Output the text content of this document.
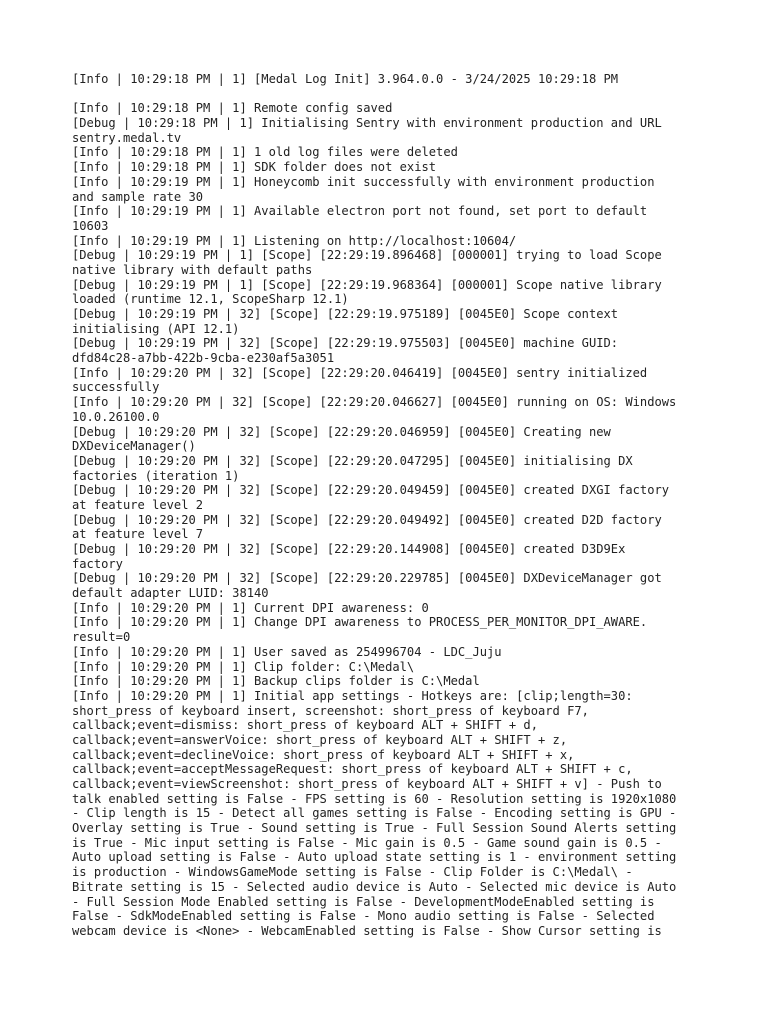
[Info | 10:29:18 PM | 1] [Medal Log Init] 3.964.0.0 - 3/24/2025 10:29:18 PM
[Info | 10:29:18 PM | 1] Remote config saved
[Debug | 10:29:18 PM | 1] Initialising Sentry with environment production and URL
sentry.medal.tv
[Info | 10:29:18 PM | 1] 1 old log files were deleted
[Info | 10:29:18 PM | 1] SDK folder does not exist
[Info | 10:29:19 PM | 1] Honeycomb init successfully with environment production
and sample rate 30
[Info | 10:29:19 PM | 1] Available electron port not found, set port to default
10603
[Info | 10:29:19 PM | 1] Listening on http://localhost:10604/
[Debug | 10:29:19 PM | 1] [Scope] [22:29:19.896468] [000001] trying to load Scope
native library with default paths
[Debug | 10:29:19 PM | 1] [Scope] [22:29:19.968364] [000001] Scope native library
loaded (runtime 12.1, ScopeSharp 12.1)
[Debug | 10:29:19 PM | 32] [Scope] [22:29:19.975189] [0045E0] Scope context
initialising (API 12.1)
[Debug | 10:29:19 PM | 32] [Scope] [22:29:19.975503] [0045E0] machine GUID:
dfd84c28-a7bb-422b-9cba-e230af5a3051
[Info | 10:29:20 PM | 32] [Scope] [22:29:20.046419] [0045E0] sentry initialized
successfully
[Info | 10:29:20 PM | 32] [Scope] [22:29:20.046627] [0045E0] running on OS: Windows
10.0.26100.0
[Debug | 10:29:20 PM | 32] [Scope] [22:29:20.046959] [0045E0] Creating new
DXDeviceManager()
[Debug | 10:29:20 PM | 32] [Scope] [22:29:20.047295] [0045E0] initialising DX
factories (iteration 1)
[Debug | 10:29:20 PM | 32] [Scope] [22:29:20.049459] [0045E0] created DXGI factory
at feature level 2
[Debug | 10:29:20 PM | 32] [Scope] [22:29:20.049492] [0045E0] created D2D factory
at feature level 7
[Debug | 10:29:20 PM | 32] [Scope] [22:29:20.144908] [0045E0] created D3D9Ex
factory
[Debug | 10:29:20 PM | 32] [Scope] [22:29:20.229785] [0045E0] DXDeviceManager got
default adapter LUID: 38140
[Info | 10:29:20 PM | 1] Current DPI awareness: 0
[Info | 10:29:20 PM | 1] Change DPI awareness to PROCESS_PER_MONITOR_DPI_AWARE.
result=0
[Info | 10:29:20 PM | 1] User saved as 254996704 - LDC_Juju
[Info | 10:29:20 PM | 1] Clip folder: C:\Medal\
[Info | 10:29:20 PM | 1] Backup clips folder is C:\Medal
[Info | 10:29:20 PM | 1] Initial app settings - Hotkeys are: [clip;length=30:
short_press of keyboard insert, screenshot: short_press of keyboard F7,
callback;event=dismiss: short_press of keyboard ALT + SHIFT + d,
callback;event=answerVoice: short_press of keyboard ALT + SHIFT + z,
callback;event=declineVoice: short_press of keyboard ALT + SHIFT + x,
callback;event=acceptMessageRequest: short_press of keyboard ALT + SHIFT + c,
callback;event=viewScreenshot: short_press of keyboard ALT + SHIFT + v] - Push to
talk enabled setting is False - FPS setting is 60 - Resolution setting is 1920x1080
- Clip length is 15 - Detect all games setting is False - Encoding setting is GPU -
Overlay setting is True - Sound setting is True - Full Session Sound Alerts setting
is True - Mic input setting is False - Mic gain is 0.5 - Game sound gain is 0.5 -
Auto upload setting is False - Auto upload state setting is 1 - environment setting
is production - WindowsGameMode setting is False - Clip Folder is C:\Medal\ -
Bitrate setting is 15 - Selected audio device is Auto - Selected mic device is Auto
- Full Session Mode Enabled setting is False - DevelopmentModeEnabled setting is
False - SdkModeEnabled setting is False - Mono audio setting is False - Selected
webcam device is <None> - WebcamEnabled setting is False - Show Cursor setting is
